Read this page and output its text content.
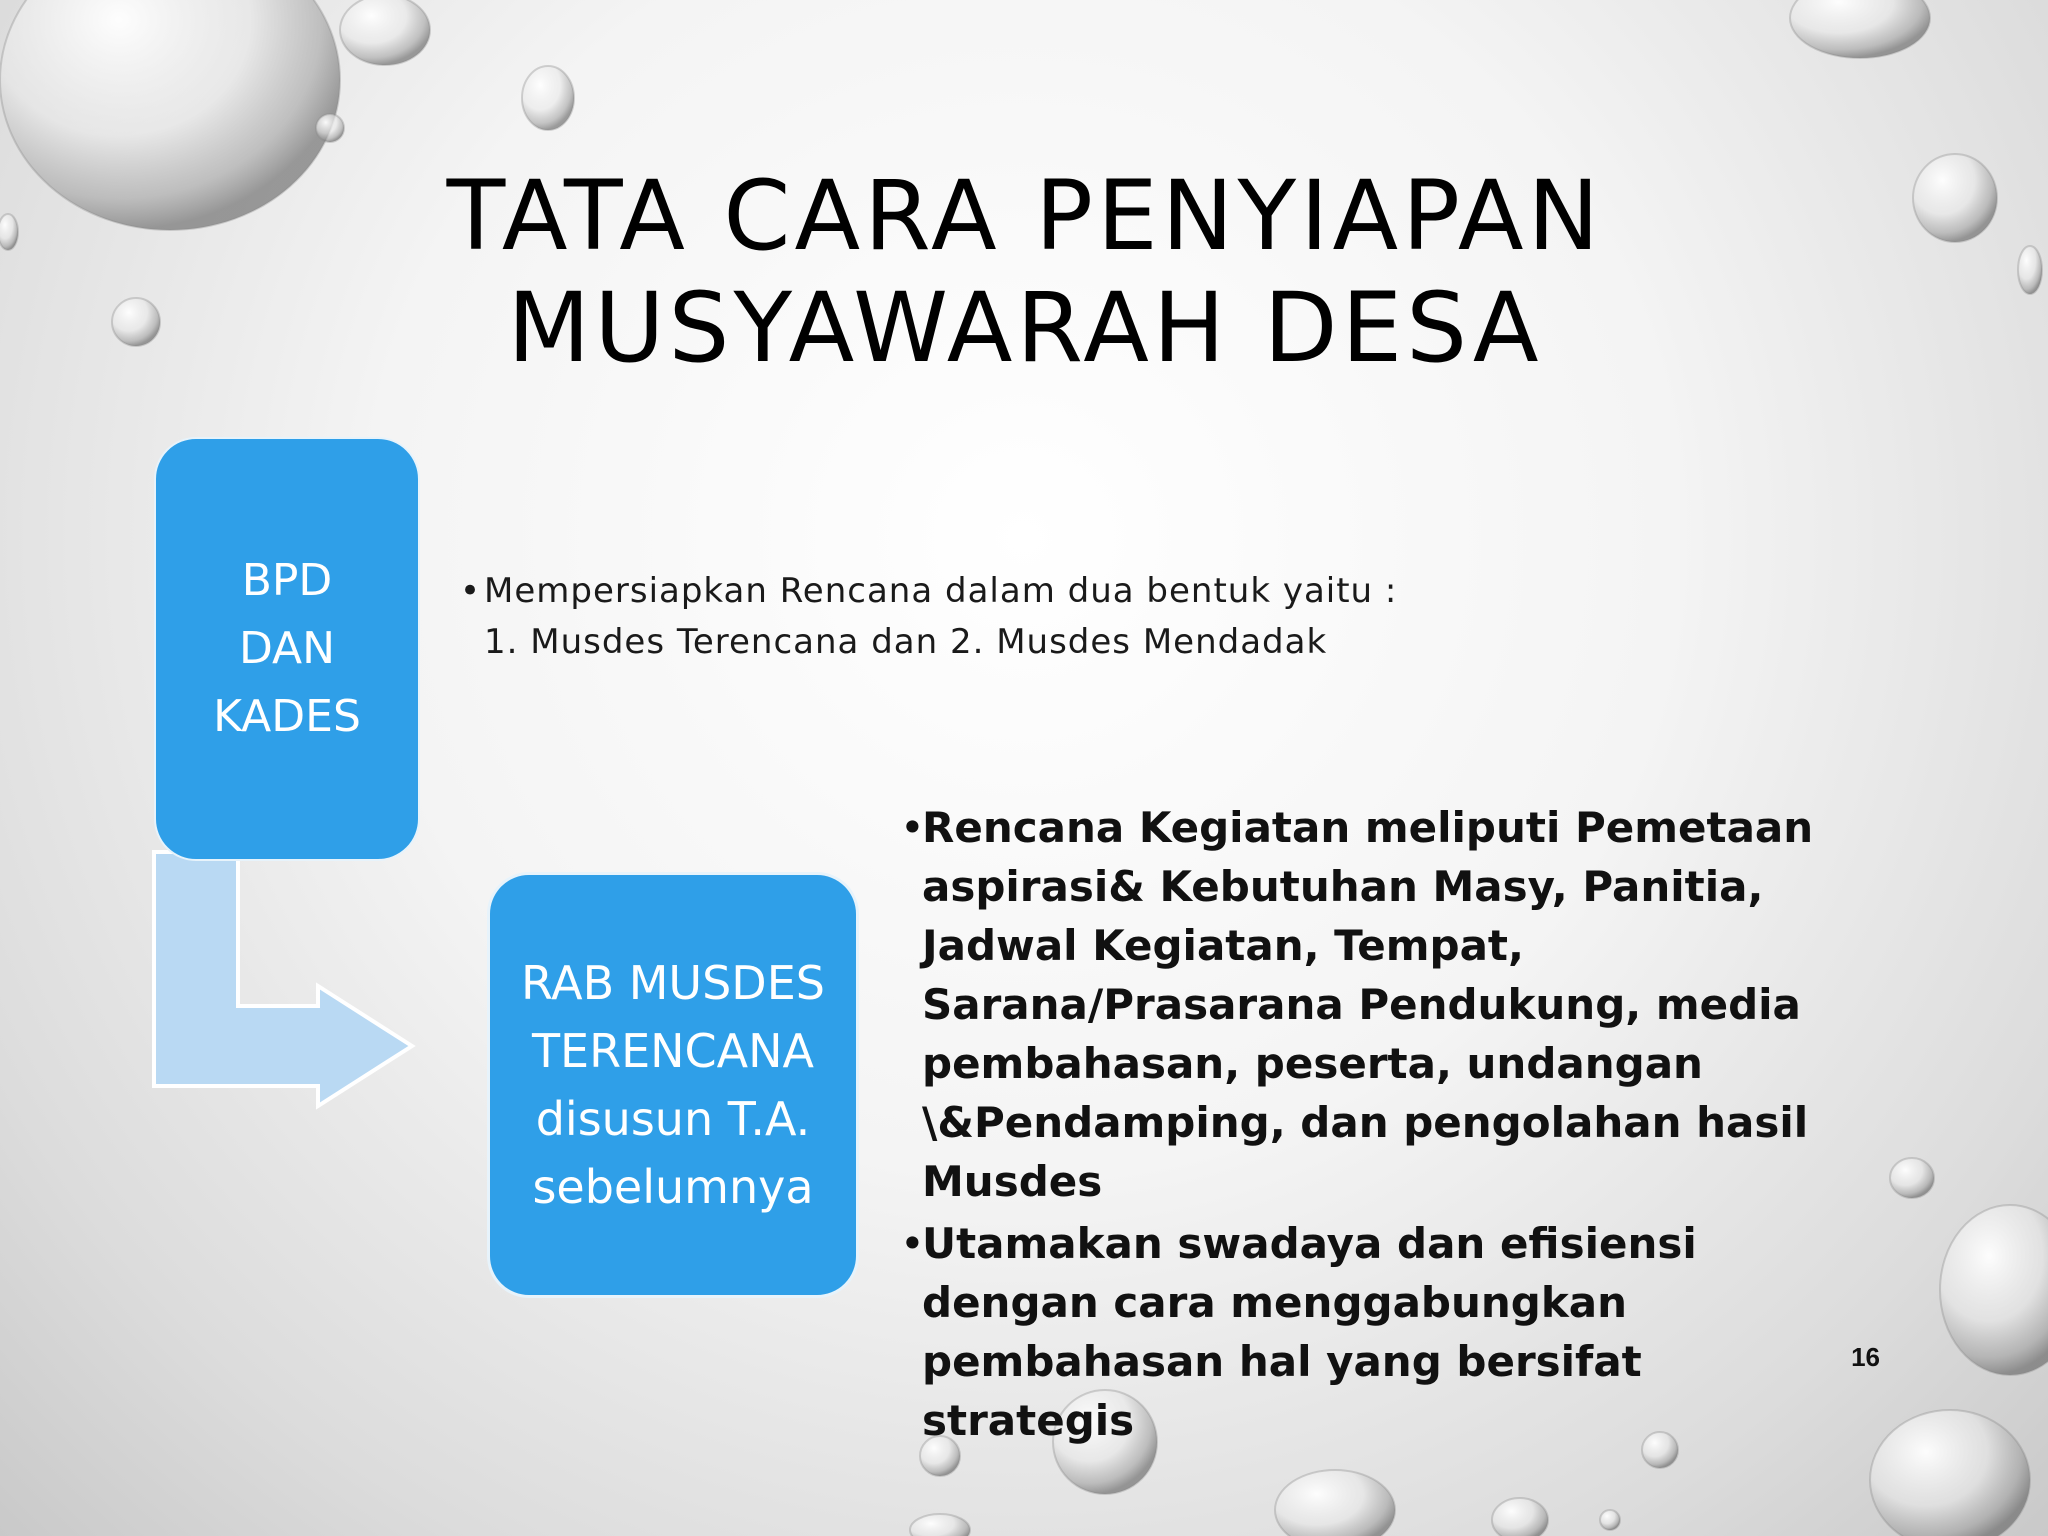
TATA CARA PENYIAPAN
MUSYAWARAH DESA
BPD
DAN
KADES
RAB MUSDES
TERENCANA
disusun T.A.
sebelumnya
•Mempersiapkan Rencana dalam dua bentuk yaitu :
1. Musdes Terencana dan 2. Musdes Mendadak
•
Rencana Kegiatan meliputi Pemetaan aspirasi& Kebutuhan Masy, Panitia, Jadwal Kegiatan, Tempat, Sarana/Prasarana Pendukung, media pembahasan, peserta, undangan \&Pendamping, dan pengolahan hasil Musdes
•
Utamakan swadaya dan efisiensi dengan cara menggabungkan pembahasan hal yang bersifat strategis
16
